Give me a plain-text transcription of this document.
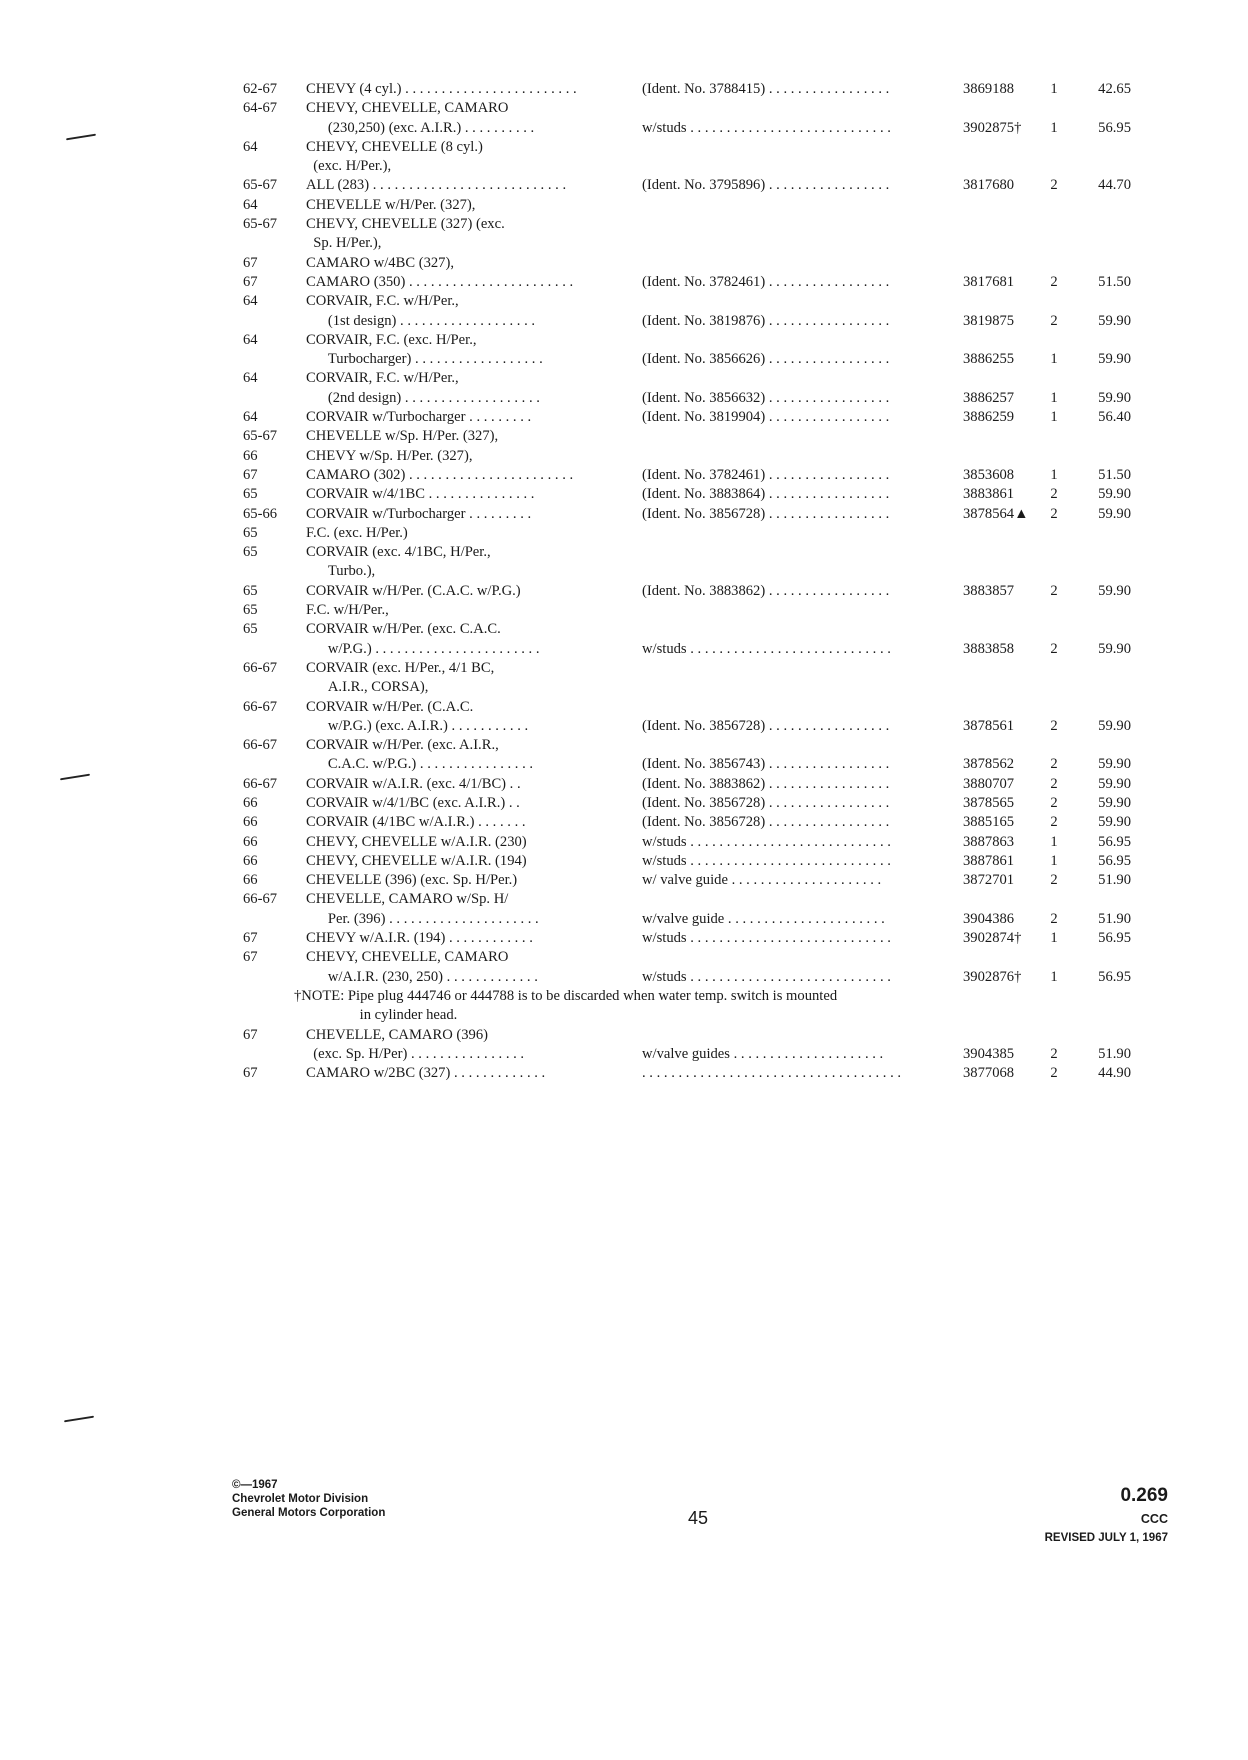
62-67	CHEVY (4 cyl.) . . . . . . . . . . . . . . . . . . . . . . . .	(Ident. No. 3788415) . . . . . . . . . . . . . . . . .	3869188	1	42.65
64-67	CHEVY, CHEVELLE, CAMARO
  (230,250) (exc. A.I.R.) . . . . . . . . . .	w/studs . . . . . . . . . . . . . . . . . . . . . . . . . . . .	3902875†	1	56.95
64	CHEVY, CHEVELLE (8 cyl.)
 (exc. H/Per.),
65-67	ALL (283) . . . . . . . . . . . . . . . . . . . . . . . . . . .	(Ident. No. 3795896) . . . . . . . . . . . . . . . . .	3817680	2	44.70
64	CHEVELLE w/H/Per. (327),
65-67	CHEVY, CHEVELLE (327) (exc.
 Sp. H/Per.),
67	CAMARO w/4BC (327),
67	CAMARO (350) . . . . . . . . . . . . . . . . . . . . . . .	(Ident. No. 3782461) . . . . . . . . . . . . . . . . .	3817681	2	51.50
64	CORVAIR, F.C. w/H/Per.,
  (1st design) . . . . . . . . . . . . . . . . . . .	(Ident. No. 3819876) . . . . . . . . . . . . . . . . .	3819875	2	59.90
64	CORVAIR, F.C. (exc. H/Per.,
  Turbocharger) . . . . . . . . . . . . . . . . . .	(Ident. No. 3856626) . . . . . . . . . . . . . . . . .	3886255	1	59.90
64	CORVAIR, F.C. w/H/Per.,
  (2nd design) . . . . . . . . . . . . . . . . . . .	(Ident. No. 3856632) . . . . . . . . . . . . . . . . .	3886257	1	59.90
64	CORVAIR w/Turbocharger . . . . . . . . .	(Ident. No. 3819904) . . . . . . . . . . . . . . . . .	3886259	1	56.40
65-67	CHEVELLE w/Sp. H/Per. (327),
66	CHEVY w/Sp. H/Per. (327),
67	CAMARO (302) . . . . . . . . . . . . . . . . . . . . . . .	(Ident. No. 3782461) . . . . . . . . . . . . . . . . .	3853608	1	51.50
65	CORVAIR w/4/1BC . . . . . . . . . . . . . . .	(Ident. No. 3883864) . . . . . . . . . . . . . . . . .	3883861	2	59.90
65-66	CORVAIR w/Turbocharger . . . . . . . . .	(Ident. No. 3856728) . . . . . . . . . . . . . . . . .	3878564▲	2	59.90
65	F.C. (exc. H/Per.)
65	CORVAIR (exc. 4/1BC, H/Per.,
  Turbo.),
65	CORVAIR w/H/Per. (C.A.C. w/P.G.)	(Ident. No. 3883862) . . . . . . . . . . . . . . . . .	3883857	2	59.90
65	F.C. w/H/Per.,
65	CORVAIR w/H/Per. (exc. C.A.C.
  w/P.G.) . . . . . . . . . . . . . . . . . . . . . . .	w/studs . . . . . . . . . . . . . . . . . . . . . . . . . . . .	3883858	2	59.90
66-67	CORVAIR (exc. H/Per., 4/1 BC,
  A.I.R., CORSA),
66-67	CORVAIR w/H/Per. (C.A.C.
  w/P.G.) (exc. A.I.R.) . . . . . . . . . . .	(Ident. No. 3856728) . . . . . . . . . . . . . . . . .	3878561	2	59.90
66-67	CORVAIR w/H/Per. (exc. A.I.R.,
  C.A.C. w/P.G.) . . . . . . . . . . . . . . . .	(Ident. No. 3856743) . . . . . . . . . . . . . . . . .	3878562	2	59.90
66-67	CORVAIR w/A.I.R. (exc. 4/1/BC) . .	(Ident. No. 3883862) . . . . . . . . . . . . . . . . .	3880707	2	59.90
66	CORVAIR w/4/1/BC (exc. A.I.R.) . .	(Ident. No. 3856728) . . . . . . . . . . . . . . . . .	3878565	2	59.90
66	CORVAIR (4/1BC w/A.I.R.) . . . . . . .	(Ident. No. 3856728) . . . . . . . . . . . . . . . . .	3885165	2	59.90
66	CHEVY, CHEVELLE w/A.I.R. (230)	w/studs . . . . . . . . . . . . . . . . . . . . . . . . . . . .	3887863	1	56.95
66	CHEVY, CHEVELLE w/A.I.R. (194)	w/studs . . . . . . . . . . . . . . . . . . . . . . . . . . . .	3887861	1	56.95
66	CHEVELLE (396) (exc. Sp. H/Per.)	w/ valve guide . . . . . . . . . . . . . . . . . . . . .	3872701	2	51.90
66-67	CHEVELLE, CAMARO w/Sp. H/
  Per. (396) . . . . . . . . . . . . . . . . . . . . .	w/valve guide . . . . . . . . . . . . . . . . . . . . . .	3904386	2	51.90
67	CHEVY w/A.I.R. (194) . . . . . . . . . . . .	w/studs . . . . . . . . . . . . . . . . . . . . . . . . . . . .	3902874†	1	56.95
67	CHEVY, CHEVELLE, CAMARO
  w/A.I.R. (230, 250) . . . . . . . . . . . . .	w/studs . . . . . . . . . . . . . . . . . . . . . . . . . . . .	3902876†	1	56.95
†NOTE: Pipe plug 444746 or 444788 is to be discarded when water temp. switch is mounted
     in cylinder head.
67	CHEVELLE, CAMARO (396)
 (exc. Sp. H/Per) . . . . . . . . . . . . . . . .	w/valve guides . . . . . . . . . . . . . . . . . . . . .	3904385	2	51.90
67	CAMARO w/2BC (327) . . . . . . . . . . . . .	. . . . . . . . . . . . . . . . . . . . . . . . . . . . . . . . . . . .	3877068	2	44.90
©—1967
Chevrolet Motor Division
General Motors Corporation	45
0.269
CCC
REVISED JULY 1, 1967
